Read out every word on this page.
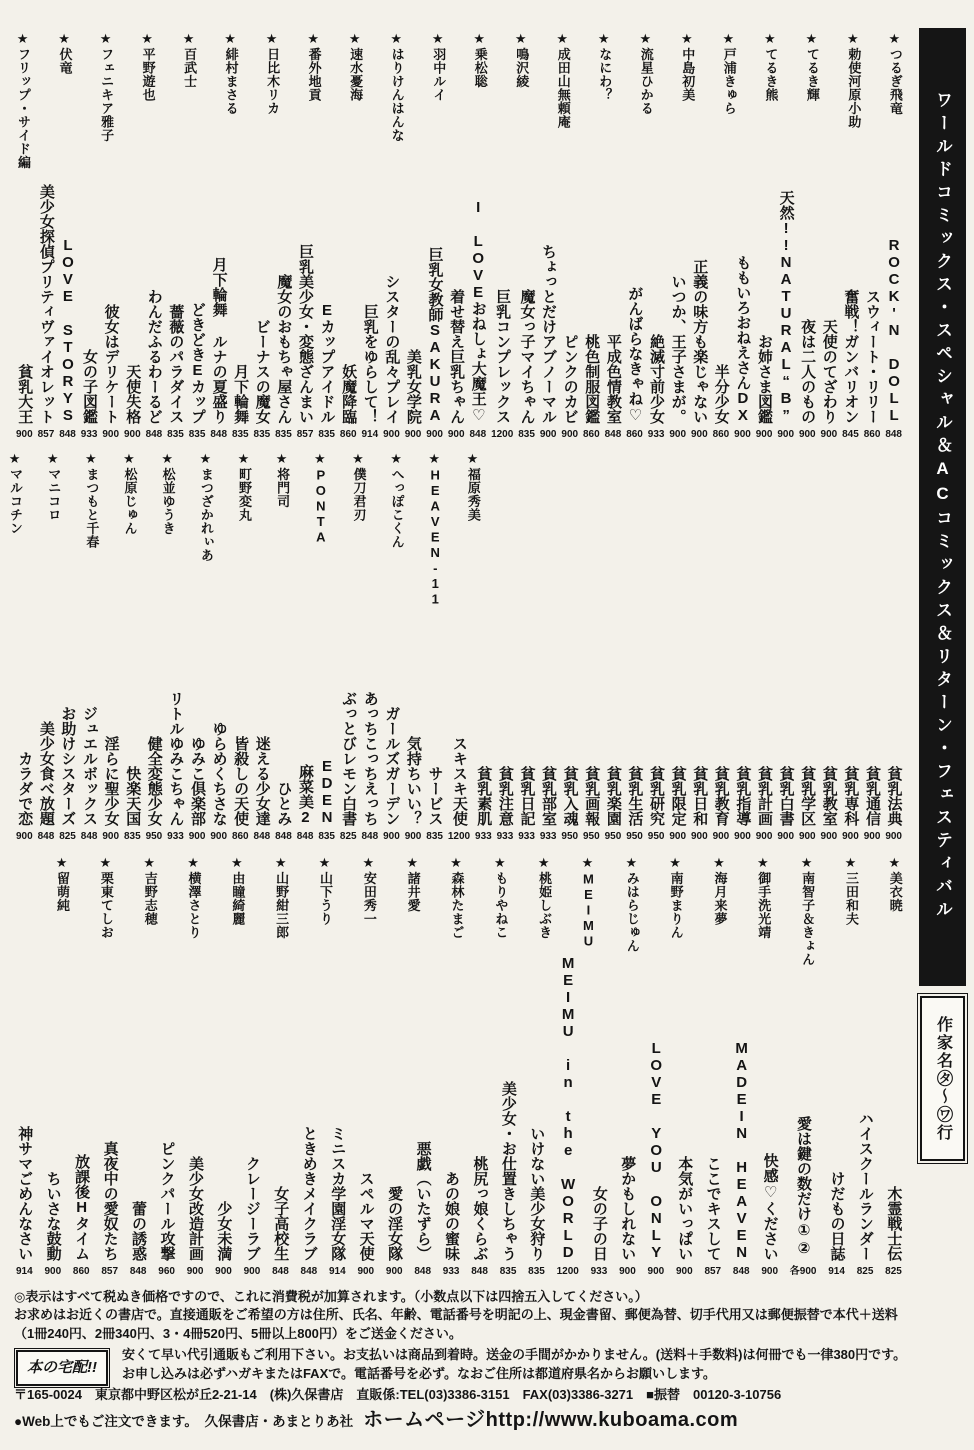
ワールドコミックス・スペシャル＆ACコミックス＆リターン・フェスティバル
作家名㋟～㋻行
★つるぎ飛竜
★勅使河原小助
★てるき輝
★てるき熊
★戸浦きゅら
★中島初美
★流星ひかる
★なにわ？
★成田山無頼庵
★鳴沢綾
★乗松聡
★羽中ルイ
★はりけんはんな
★速水憂海
★番外地貢
★日比木リカ
★緋村まさる
★百武士
★平野遊也
★フェニキア雅子
★伏竜
★フリップ・サイド編
ROCK'N DOLL
848
スウィート・リリー
860
奮戦！ガンバリオン
845
天使のてざわり
900
夜は二人のもの
900
天然!!NATURAL“B”
900
お姉さま図鑑
900
ももいろおねえさんDX
900
半分少女
860
正義の味方も楽じゃない
900
いつか、王子さまが。
900
絶滅寸前少女
933
がんばらなきゃね♡
860
平成色情教室
848
桃色制服図鑑
860
ピンクのカビ
900
ちょっとだけアブノーマル
900
魔女っ子マイちゃん
835
巨乳コンプレックス
1200
I LOVEおねしょ大魔王♡
848
着せ替え巨乳ちゃん
900
巨乳女教師SAKURA
900
美乳女学院
900
シスターの乱々プレイ
900
巨乳をゆらして！
914
妖魔降臨
860
Eカップアイドル
835
巨乳美少女・変態ざんまい
857
魔女のおもちゃ屋さん
835
ビーナスの魔女
835
月下輪舞
835
月下輪舞 ルナの夏盛り
848
どきどきEカップ
835
薔薇のパラダイス
835
わんだふるわーるど
848
天使失格
900
彼女はデリケート
900
女の子図鑑
933
LOVE STORYS
848
美少女探偵プリティヴァイオレット
857
貧乳大王
900
★福原秀美
★HEAVEN-11
★へっぽこくん
★僕刀君刃
★PONTA
★将門司
★町野変丸
★まつざかれぃあ
★松並ゆうき
★松原じゅん
★まつもと千春
★マニコロ
★マルコチン
貧乳法典
900
貧乳通信
900
貧乳専科
900
貧乳教室
900
貧乳学区
900
貧乳白書
900
貧乳計画
900
貧乳指導
900
貧乳教育
900
貧乳日和
900
貧乳限定
900
貧乳研究
950
貧乳生活
950
貧乳楽園
950
貧乳画報
950
貧乳入魂
950
貧乳部室
933
貧乳日記
933
貧乳注意
933
貧乳素肌
933
スキスキ天使
1200
サービス
835
気持ちいい？
900
ガールズガーデン
900
あっちこっちえっち
848
ぶっとびレモン白書
825
EDEN
835
麻菜美2
848
ひとみ
848
迷える少女達
848
皆殺しの天使
860
ゆらめくちさな
900
ゆみこ倶楽部
900
リトルゆみこちゃん
933
健全変態少女
950
快楽天国
835
淫らに聖少女
900
ジュエルボックス
848
お助けシスターズ
825
美少女食べ放題
848
カラダで恋
900
★美衣暁
★三田和夫
★南智子＆きょん
★御手洗光靖
★海月来夢
★南野まりん
★みはらじゅん
★MEIMU
★桃姫しぶき
★もりやねこ
★森林たまご
★諸井愛
★安田秀一
★山下うり
★山野紺三郎
★由瞳綺麗
★横澤さとり
★吉野志穂
★栗東てしお
★留萌純
木霊戦士伝
825
ハイスクールランダー
825
けだもの日誌
914
愛は鍵の数だけ①②
各900
快感♡ください
900
MADEIN HEAVEN
848
ここでキスして
857
本気がいっぱい
900
LOVE YOU ONLY
900
夢かもしれない
900
女の子の日
933
MEIMU in the WORLD
1200
いけない美少女狩り
835
美少女・お仕置きしちゃう
835
桃尻っ娘くらぶ
848
あの娘の蜜味
933
悪戯（いたずら）
848
愛の淫女隊
900
スペルマ天使
900
ミニスカ学園淫女隊
914
ときめきメイクラブ
848
女子高校生
848
クレージーラブ
900
少女未満
900
美少女改造計画
900
ピンクパール攻撃
960
蕾の誘惑
848
真夜中の愛奴たち
857
放課後Hタイム
860
ちいさな鼓動
900
神サマごめんなさい
914

◎表示はすべて税ぬき価格ですので、これに消費税が加算されます。（小数点以下は四捨五入してください。）

お求めはお近くの書店で。直接通販をご希望の方は住所、氏名、年齢、電話番号を明記の上、現金書留、郵便為替、切手代用又は郵便振替で本代＋送料

（1冊240円、2冊340円、3・4冊520円、5冊以上800円）をご送金ください。

本の宅配!!

安くて早い代引通販もご利用下さい。お支払いは商品到着時。送金の手間がかかりません。(送料＋手数料)は何冊でも一律380円です。

お申し込みは必ずハガキまたはFAXで。電話番号を必ず。なおご住所は都道府県名からお願いします。

〒165-0024　東京都中野区松が丘2-21-14　(株)久保書店　直販係:TEL(03)3386-3151　FAX(03)3386-3271　■振替　00120-3-10756

●Web上でもご注文できます。　久保書店・あまとりあ社 ホームページhttp://www.kuboama.com
